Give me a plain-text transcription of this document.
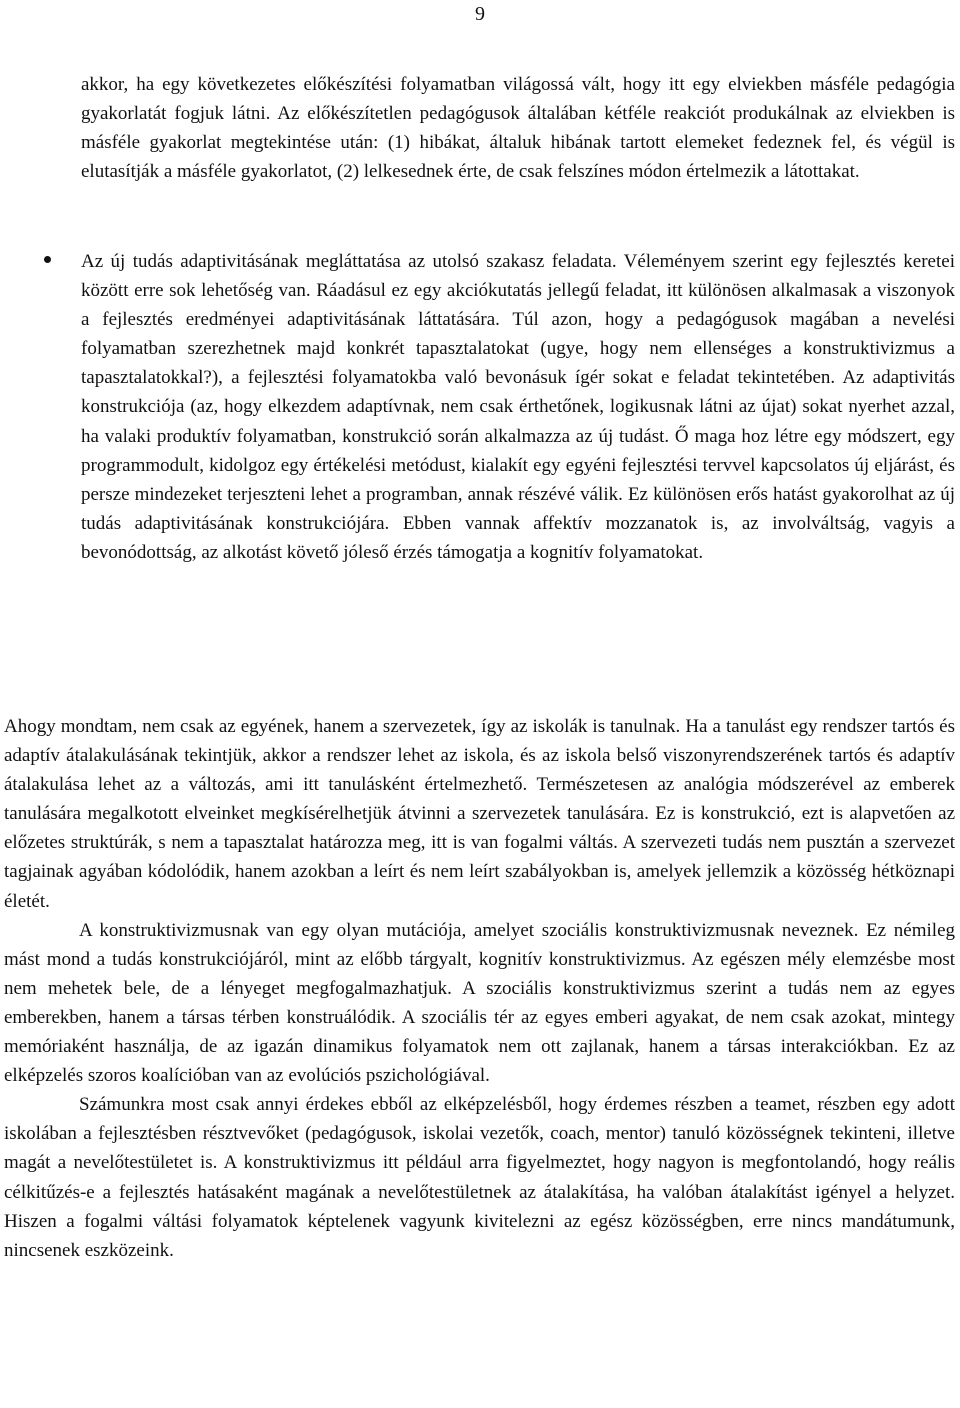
9

akkor, ha egy következetes előkészítési folyamatban világossá vált, hogy itt egy elviekben másféle pedagógia gyakorlatát fogjuk látni. Az előkészítetlen pedagógusok általában kétféle reakciót produkálnak az elviekben is másféle gyakorlat megtekintése után: (1) hibákat, általuk hibának tartott elemeket fedeznek fel, és végül is elutasítják a másféle gyakorlatot, (2) lelkesednek érte, de csak felszínes módon értelmezik a látottakat.

Az új tudás adaptivitásának megláttatása az utolsó szakasz feladata. Véleményem szerint egy fejlesztés keretei között erre sok lehetőség van. Ráadásul ez egy akciókutatás jellegű feladat, itt különösen alkalmasak a viszonyok a fejlesztés eredményei adaptivitásának láttatására. Túl azon, hogy a pedagógusok magában a nevelési folyamatban szerezhetnek majd konkrét tapasztalatokat (ugye, hogy nem ellenséges a konstruktivizmus a tapasztalatokkal?), a fejlesztési folyamatokba való bevonásuk ígér sokat e feladat tekintetében. Az adaptivitás konstrukciója (az, hogy elkezdem adaptívnak, nem csak érthetőnek, logikusnak látni az újat) sokat nyerhet azzal, ha valaki produktív folyamatban, konstrukció során alkalmazza az új tudást. Ő maga hoz létre egy módszert, egy programmodult, kidolgoz egy értékelési metódust, kialakít egy egyéni fejlesztési tervvel kapcsolatos új eljárást, és persze mindezeket terjeszteni lehet a programban, annak részévé válik. Ez különösen erős hatást gyakorolhat az új tudás adaptivitásának konstrukciójára. Ebben vannak affektív mozzanatok is, az involváltság, vagyis a bevonódottság, az alkotást követő jóleső érzés támogatja a kognitív folyamatokat.

Ahogy mondtam, nem csak az egyének, hanem a szervezetek, így az iskolák is tanulnak. Ha a tanulást egy rendszer tartós és adaptív átalakulásának tekintjük, akkor a rendszer lehet az iskola, és az iskola belső viszonyrendszerének tartós és adaptív átalakulása lehet az a változás, ami itt tanulásként értelmezhető. Természetesen az analógia módszerével az emberek tanulására megalkotott elveinket megkísérelhetjük átvinni a szervezetek tanulására. Ez is konstrukció, ezt is alapvetően az előzetes struktúrák, s nem a tapasztalat határozza meg, itt is van fogalmi váltás. A szervezeti tudás nem pusztán a szervezet tagjainak agyában kódolódik, hanem azokban a leírt és nem leírt szabályokban is, amelyek jellemzik a közösség hétköznapi életét.

A konstruktivizmusnak van egy olyan mutációja, amelyet szociális konstruktivizmusnak neveznek. Ez némileg mást mond a tudás konstrukciójáról, mint az előbb tárgyalt, kognitív konstruktivizmus. Az egészen mély elemzésbe most nem mehetek bele, de a lényeget megfogalmazhatjuk. A szociális konstruktivizmus szerint a tudás nem az egyes emberekben, hanem a társas térben konstruálódik. A szociális tér az egyes emberi agyakat, de nem csak azokat, mintegy memóriaként használja, de az igazán dinamikus folyamatok nem ott zajlanak, hanem a társas interakciókban. Ez az elképzelés szoros koalícióban van az evolúciós pszichológiával.

Számunkra most csak annyi érdekes ebből az elképzelésből, hogy érdemes részben a teamet, részben egy adott iskolában a fejlesztésben résztvevőket (pedagógusok, iskolai vezetők, coach, mentor) tanuló közösségnek tekinteni, illetve magát a nevelőtestületet is. A konstruktivizmus itt például arra figyelmeztet, hogy nagyon is megfontolandó, hogy reális célkitűzés-e a fejlesztés hatásaként magának a nevelőtestületnek az átalakítása, ha valóban átalakítást igényel a helyzet. Hiszen a fogalmi váltási folyamatok képtelenek vagyunk kivitelezni az egész közösségben, erre nincs mandátumunk, nincsenek eszközeink.
